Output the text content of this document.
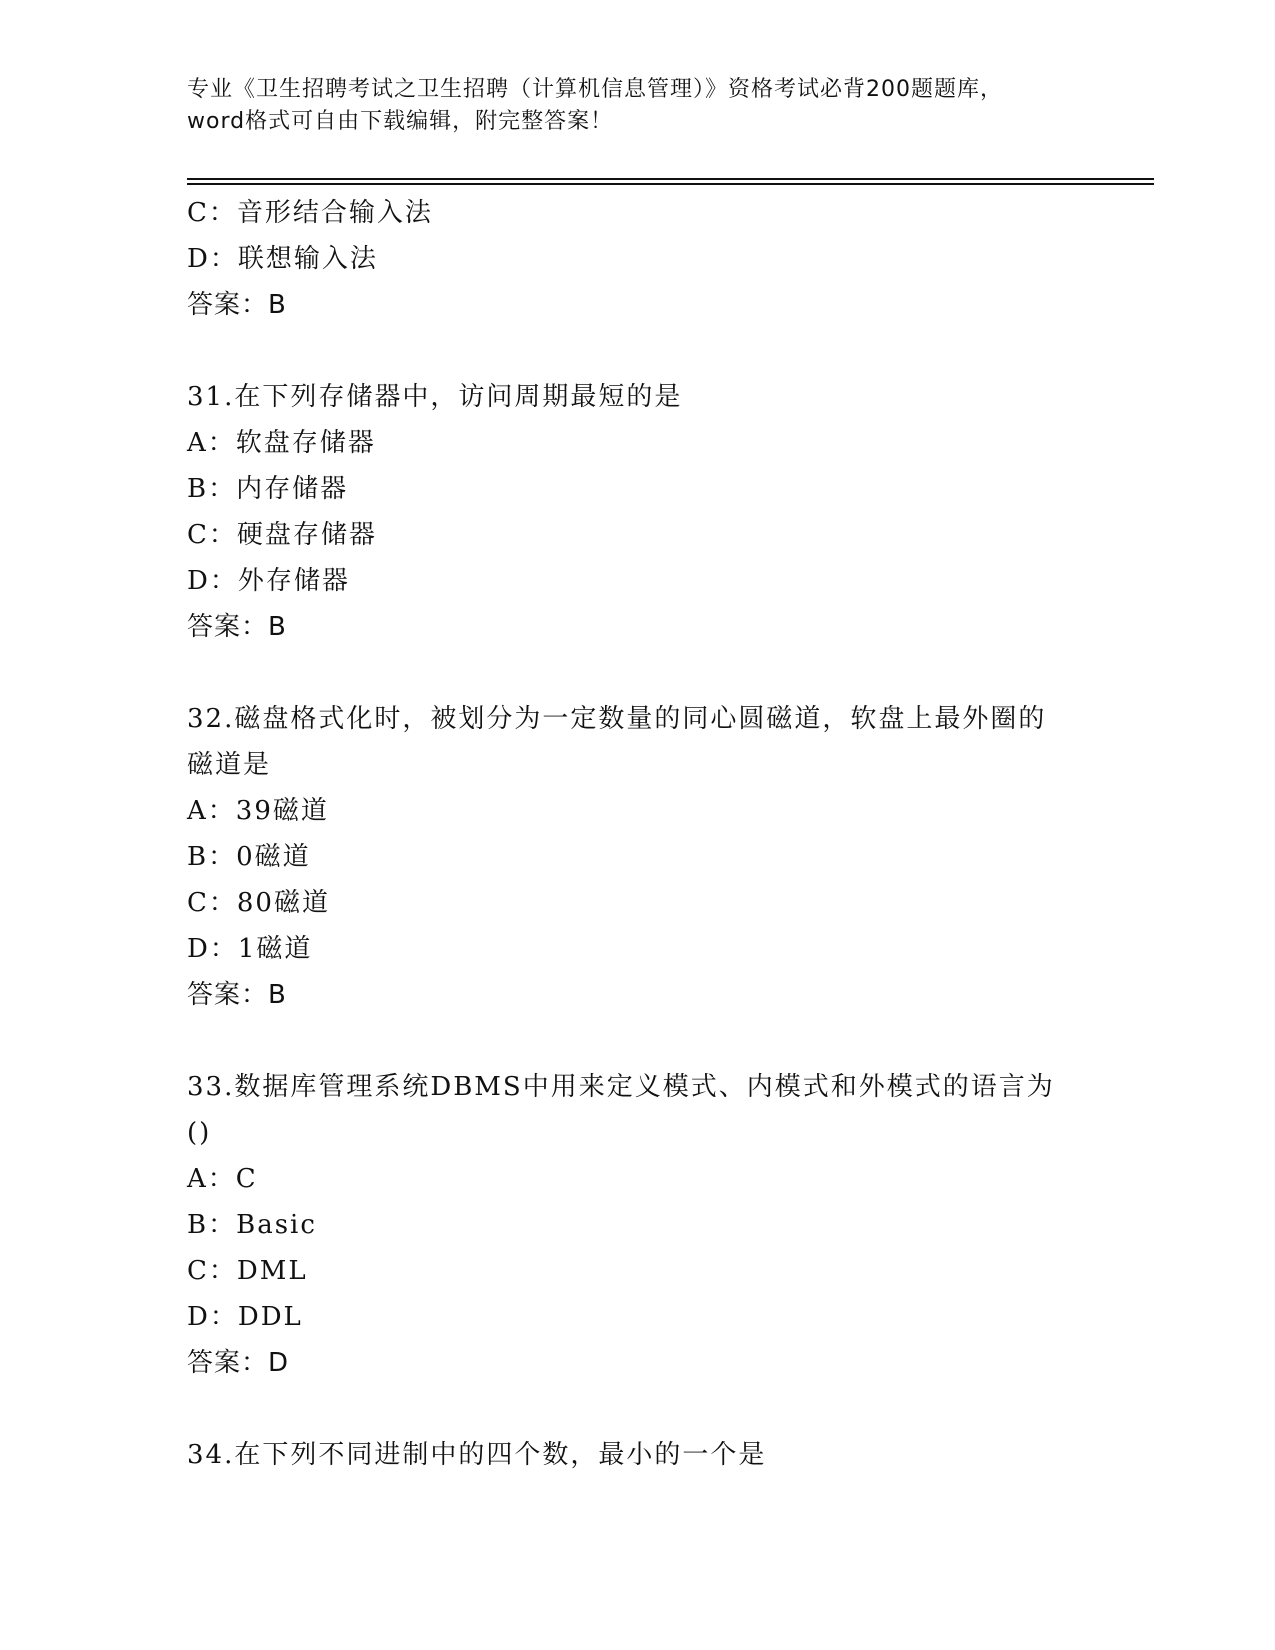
专业《卫生招聘考试之卫生招聘（计算机信息管理）》资格考试必背200题题库，
word格式可自由下载编辑，附完整答案！
C：音形结合输入法
D：联想输入法
答案：B
31.在下列存储器中，访问周期最短的是
A：软盘存储器
B：内存储器
C：硬盘存储器
D：外存储器
答案：B
32.磁盘格式化时，被划分为一定数量的同心圆磁道，软盘上最外圈的
磁道是
A：39磁道
B：0磁道
C：80磁道
D：1磁道
答案：B
33.数据库管理系统DBMS中用来定义模式、内模式和外模式的语言为
()
A：C
B：Basic
C：DML
D：DDL
答案：D
34.在下列不同进制中的四个数，最小的一个是
